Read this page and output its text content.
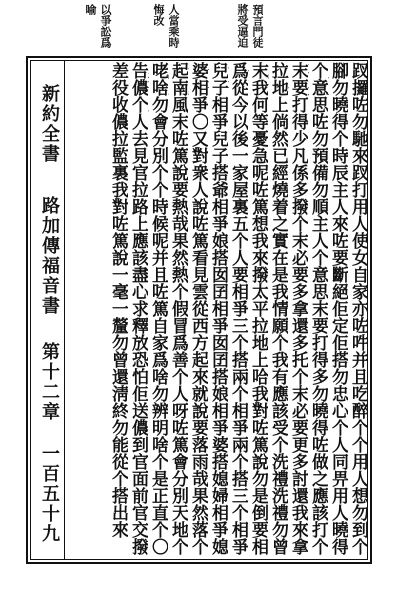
預言門徒
將受逼迫
人當乘時
悔改
以爭訟爲
喻
新約全書
路加傳福音書
第十二章
一百五十九
䟕攞咗勿馳來䟕打用人使女自家亦咗吽并且吃醉个个用人想勿到个
腳勿曉得个時辰主人來咗要斷絕佢定佢搭勿忠心个人同畀用人曉得
个意思咗勿預備勿順主人个意思末要打得多勿曉得咗做之應該打个
末要打得少凡係多撥个末必要多拿還多托个末必要更多討還我來拿
拉地上倘然已經燒着之實在是我情願个我有應該受个洗禮洗禮勿曾
末我何等憂急呢咗篤想我來撥太平拉地上哈我對咗篤說勿是倒要相
爲從今以後一家屋裏五个人要相爭三个搭兩个相爭兩个搭三个相爭
兒子相爭兒子搭爺相爭娘搭囡囝相爭囡囝搭娘相爭婆搭媳婦相爭媳
婆相爭〇又對衆人說咗篤看見雲從西方起來就說要落雨哉果然落个
起南風末咗篤說要熱哉果然熱个假冒爲善个人呀咗篤會分別天地个
咾啥勿會分別个个時候呢并且咗篤自家爲啥勿辨明啥个是正直个〇
告儂个人去見官拉路上應該盡心求釋放恐怕佢送儂到官面前官交撥
差役收儂拉監裏我對咗篤說一毫一釐勿曾還淸終勿能從个搭出來
